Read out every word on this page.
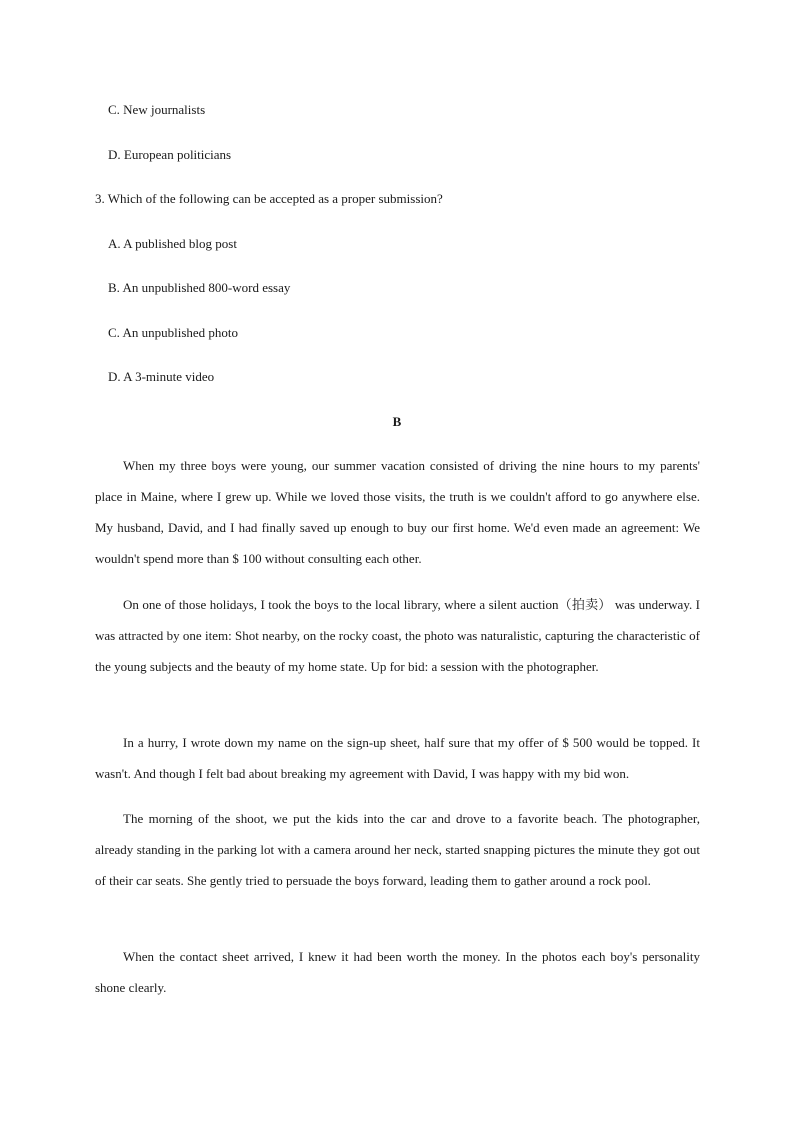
C. New journalists
D. European politicians
3. Which of the following can be accepted as a proper submission?
A. A published blog post
B. An unpublished 800-word essay
C. An unpublished photo
D. A 3-minute video
B

When my three boys were young, our summer vacation consisted of driving the nine hours to my parents' place in Maine, where I grew up. While we loved those visits, the truth is we couldn't afford to go anywhere else. My husband, David, and I had finally saved up enough to buy our first home. We'd even made an agreement: We wouldn't spend more than $ 100 without consulting each other.

On one of those holidays, I took the boys to the local library, where a silent auction（拍卖） was underway. I was attracted by one item: Shot nearby, on the rocky coast, the photo was naturalistic, capturing the characteristic of the young subjects and the beauty of my home state. Up for bid: a session with the photographer.

In a hurry, I wrote down my name on the sign-up sheet, half sure that my offer of $ 500 would be topped. It wasn't. And though I felt bad about breaking my agreement with David, I was happy with my bid won.

The morning of the shoot, we put the kids into the car and drove to a favorite beach. The photographer, already standing in the parking lot with a camera around her neck, started snapping pictures the minute they got out of their car seats. She gently tried to persuade the boys forward, leading them to gather around a rock pool.

When the contact sheet arrived, I knew it had been worth the money. In the photos each boy's personality shone clearly.
